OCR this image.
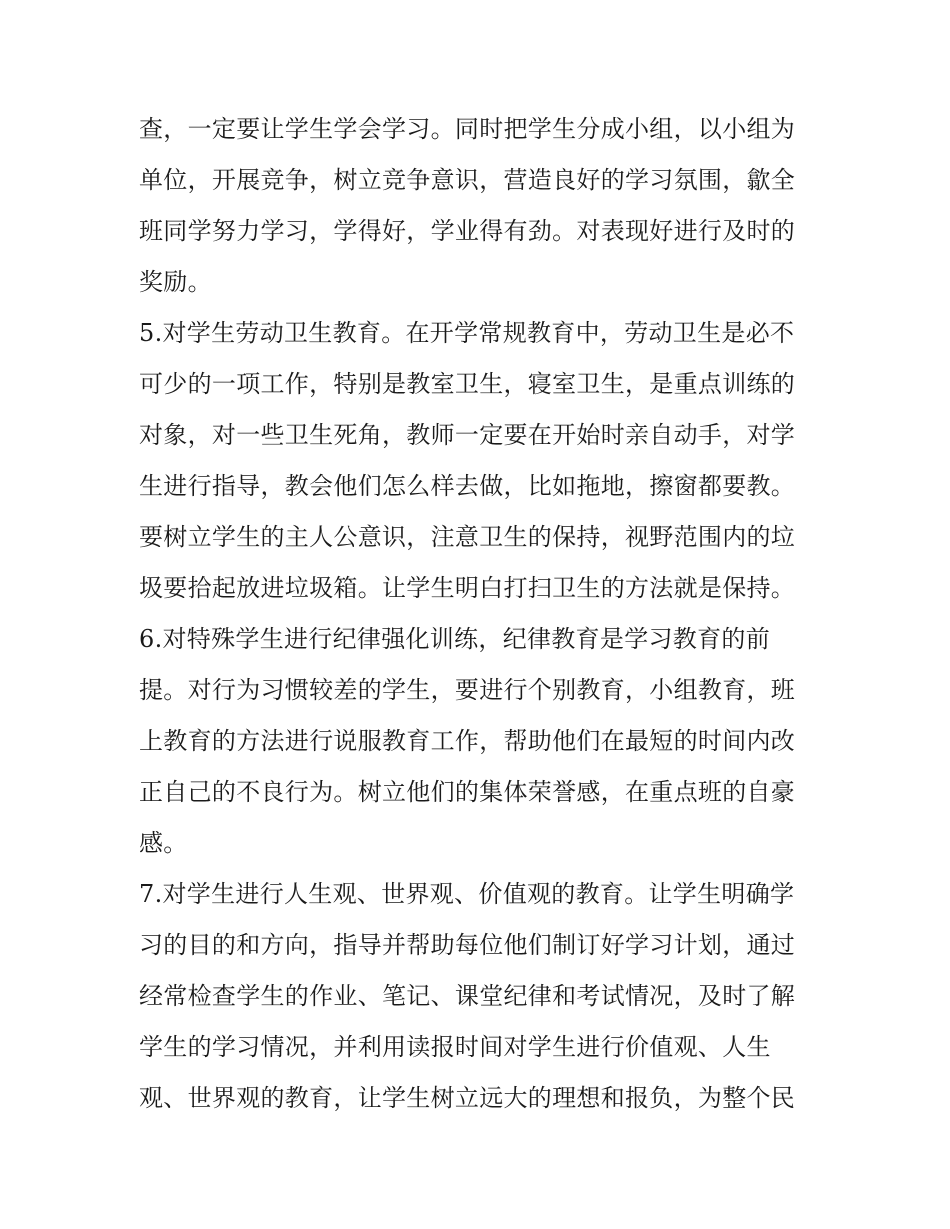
查，一定要让学生学会学习。同时把学生分成小组，以小组为
单位，开展竞争，树立竞争意识，营造良好的学习氛围，歙全
班同学努力学习，学得好，学业得有劲。对表现好进行及时的
奖励。
5.对学生劳动卫生教育。在开学常规教育中，劳动卫生是必不
可少的一项工作，特别是教室卫生，寝室卫生，是重点训练的
对象，对一些卫生死角，教师一定要在开始时亲自动手，对学
生进行指导，教会他们怎么样去做，比如拖地，擦窗都要教。
要树立学生的主人公意识，注意卫生的保持，视野范围内的垃
圾要拾起放进垃圾箱。让学生明白打扫卫生的方法就是保持。
6.对特殊学生进行纪律强化训练，纪律教育是学习教育的前
提。对行为习惯较差的学生，要进行个别教育，小组教育，班
上教育的方法进行说服教育工作，帮助他们在最短的时间内改
正自己的不良行为。树立他们的集体荣誉感，在重点班的自豪
感。
7.对学生进行人生观、世界观、价值观的教育。让学生明确学
习的目的和方向，指导并帮助每位他们制订好学习计划，通过
经常检查学生的作业、笔记、课堂纪律和考试情况，及时了解
学生的学习情况，并利用读报时间对学生进行价值观、人生
观、世界观的教育，让学生树立远大的理想和报负，为整个民
